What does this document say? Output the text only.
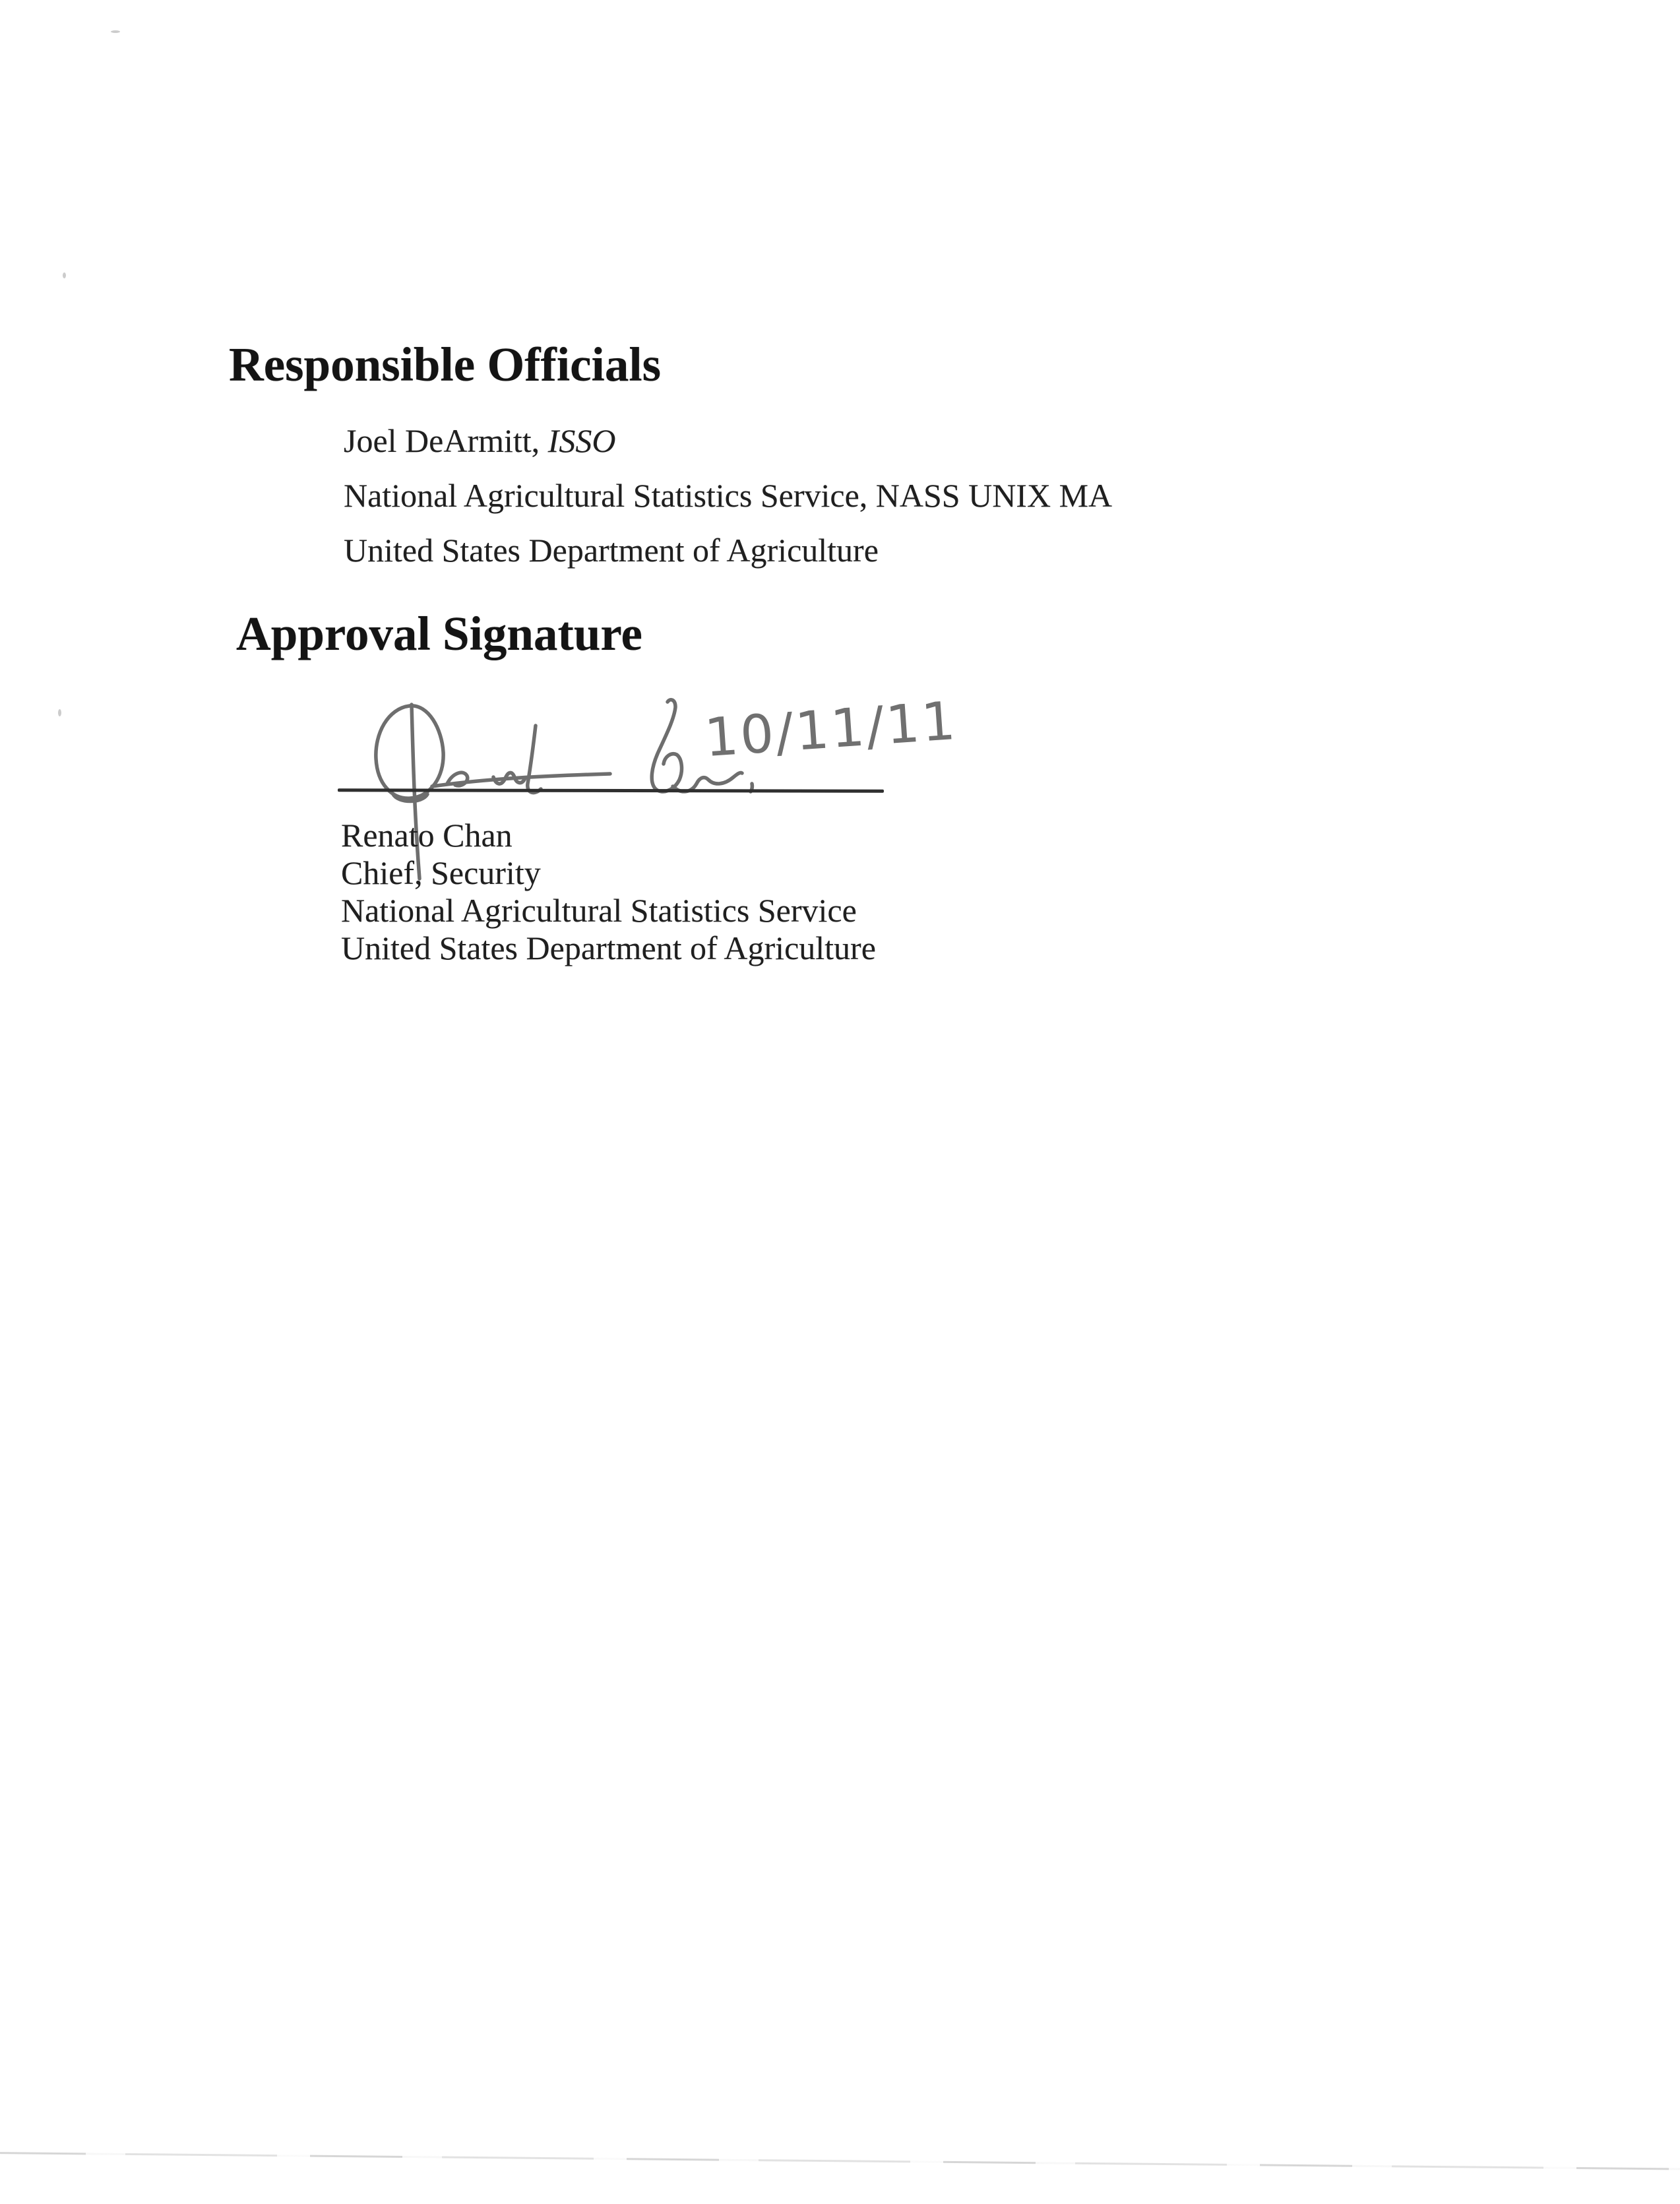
Responsible Officials
Joel DeArmitt, ISSO
National Agricultural Statistics Service, NASS UNIX MA
United States Department of Agriculture
Approval Signature
10/11/11
Renato Chan
Chief, Security
National Agricultural Statistics Service
United States Department of Agriculture
